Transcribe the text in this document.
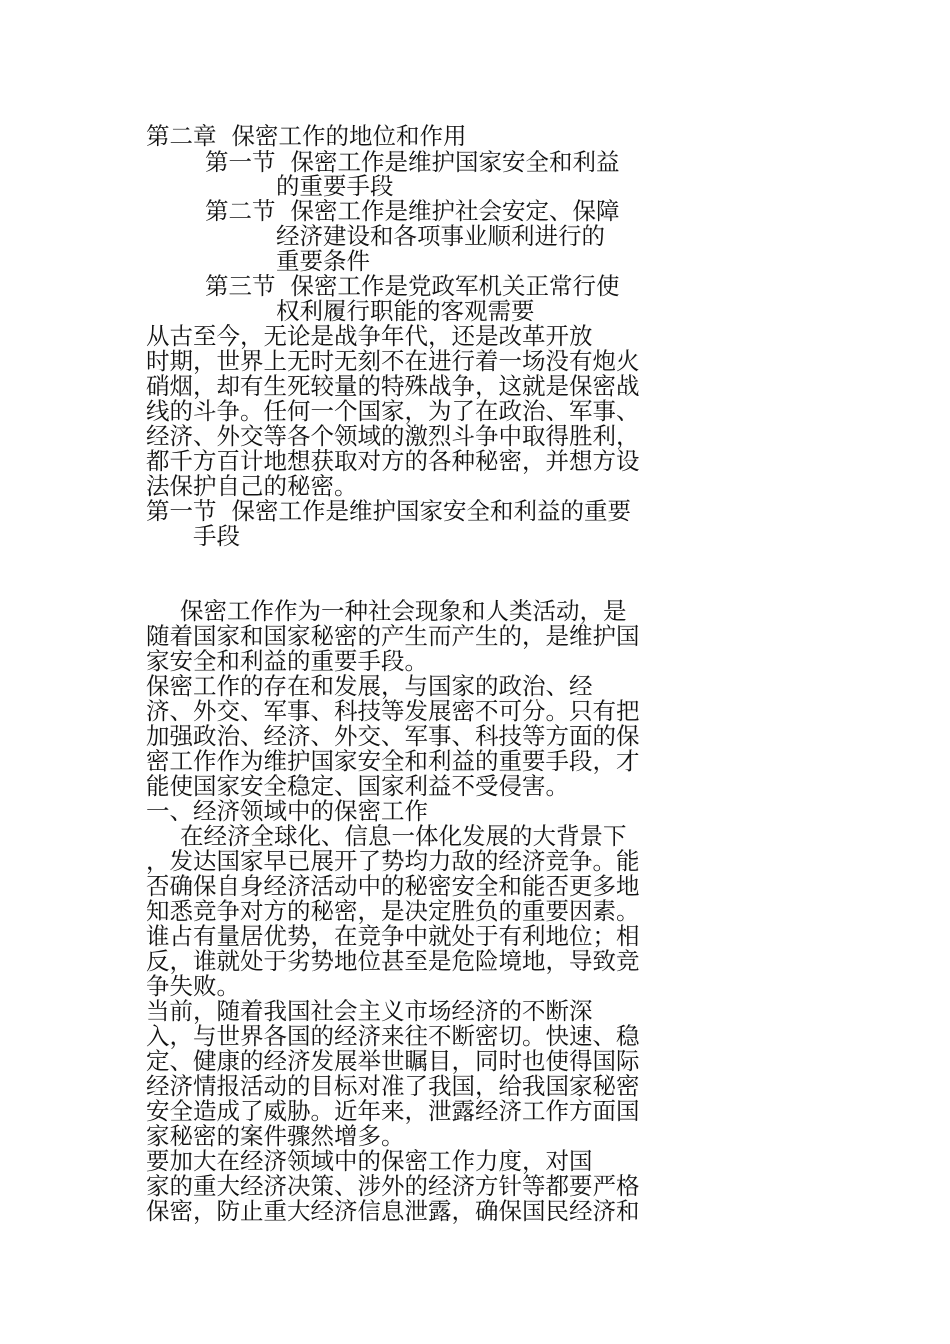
第二章  保密工作的地位和作用
第一节  保密工作是维护国家安全和利益
的重要手段
第二节  保密工作是维护社会安定、保障
经济建设和各项事业顺利进行的
重要条件
第三节  保密工作是党政军机关正常行使
权利履行职能的客观需要
从古至今，无论是战争年代，还是改革开放
时期，世界上无时无刻不在进行着一场没有炮火
硝烟，却有生死较量的特殊战争，这就是保密战
线的斗争。任何一个国家，为了在政治、军事、
经济、外交等各个领域的激烈斗争中取得胜利，
都千方百计地想获取对方的各种秘密，并想方设
法保护自己的秘密。
第一节  保密工作是维护国家安全和利益的重要
手段
保密工作作为一种社会现象和人类活动，是
随着国家和国家秘密的产生而产生的，是维护国
家安全和利益的重要手段。
保密工作的存在和发展，与国家的政治、经
济、外交、军事、科技等发展密不可分。只有把
加强政治、经济、外交、军事、科技等方面的保
密工作作为维护国家安全和利益的重要手段，才
能使国家安全稳定、国家利益不受侵害。
一、经济领域中的保密工作
在经济全球化、信息一体化发展的大背景下
，发达国家早已展开了势均力敌的经济竞争。能
否确保自身经济活动中的秘密安全和能否更多地
知悉竞争对方的秘密，是决定胜负的重要因素。
谁占有量居优势，在竞争中就处于有利地位；相
反，谁就处于劣势地位甚至是危险境地，导致竞
争失败。
当前，随着我国社会主义市场经济的不断深
入，与世界各国的经济来往不断密切。快速、稳
定、健康的经济发展举世瞩目，同时也使得国际
经济情报活动的目标对准了我国，给我国家秘密
安全造成了威胁。近年来，泄露经济工作方面国
家秘密的案件骤然增多。
要加大在经济领域中的保密工作力度，对国
家的重大经济决策、涉外的经济方针等都要严格
保密，防止重大经济信息泄露，确保国民经济和
